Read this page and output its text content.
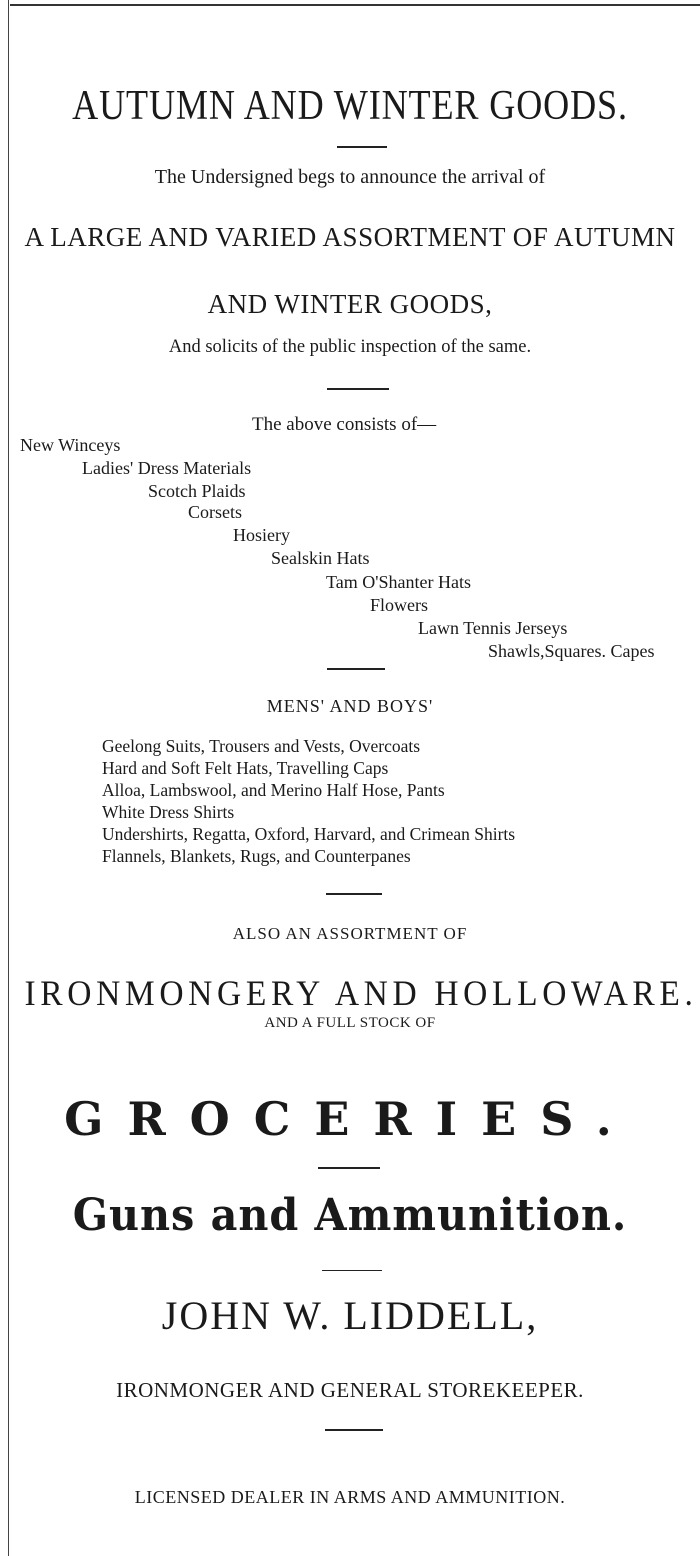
AUTUMN AND WINTER GOODS.

The Undersigned begs to announce the arrival of

A LARGE AND VARIED ASSORTMENT OF AUTUMN

AND WINTER GOODS,

And solicits of the public inspection of the same.

The above consists of—

New Winceys

Ladies' Dress Materials

Scotch Plaids

Corsets

Hosiery

Sealskin Hats

Tam O'Shanter Hats

Flowers

Lawn Tennis Jerseys

Shawls,Squares. Capes

MENS' AND BOYS'

Geelong Suits, Trousers and Vests, Overcoats

Hard and Soft Felt Hats, Travelling Caps

Alloa, Lambswool, and Merino Half Hose, Pants

White Dress Shirts

Undershirts, Regatta, Oxford, Harvard, and Crimean Shirts

Flannels, Blankets, Rugs, and Counterpanes

ALSO AN ASSORTMENT OF

IRONMONGERY AND HOLLOWARE.

AND A FULL STOCK OF

GROCERIES.

Guns and Ammunition.

JOHN W. LIDDELL,

IRONMONGER AND GENERAL STOREKEEPER.

LICENSED DEALER IN ARMS AND AMMUNITION.
